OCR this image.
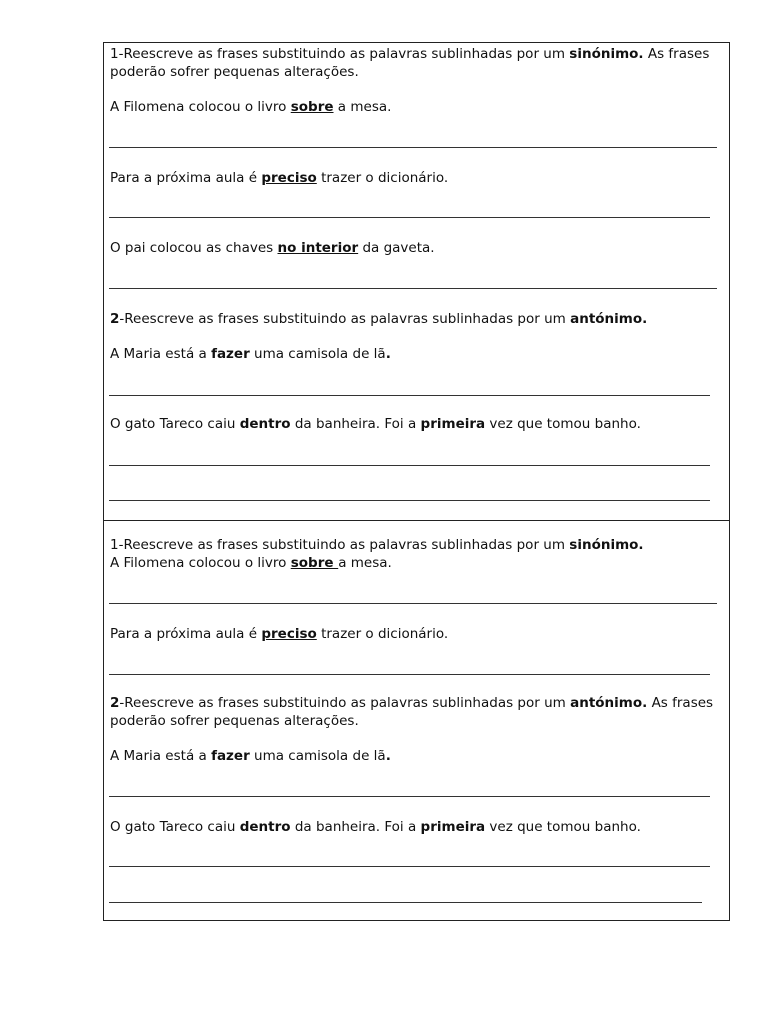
1-Reescreve as frases substituindo as palavras sublinhadas por um sinónimo. As frases
poderão sofrer pequenas alterações.
A Filomena colocou o livro sobre a mesa.
Para a próxima aula é preciso trazer o dicionário.
O pai colocou as chaves no interior da gaveta.
2-Reescreve as frases substituindo as palavras sublinhadas por um antónimo.
A Maria está a fazer uma camisola de lã.
O gato Tareco caiu dentro da banheira. Foi a primeira vez que tomou banho.
1-Reescreve as frases substituindo as palavras sublinhadas por um sinónimo.
A Filomena colocou o livro sobre a mesa.
Para a próxima aula é preciso trazer o dicionário.
2-Reescreve as frases substituindo as palavras sublinhadas por um antónimo. As frases
poderão sofrer pequenas alterações.
A Maria está a fazer uma camisola de lã.
O gato Tareco caiu dentro da banheira. Foi a primeira vez que tomou banho.
